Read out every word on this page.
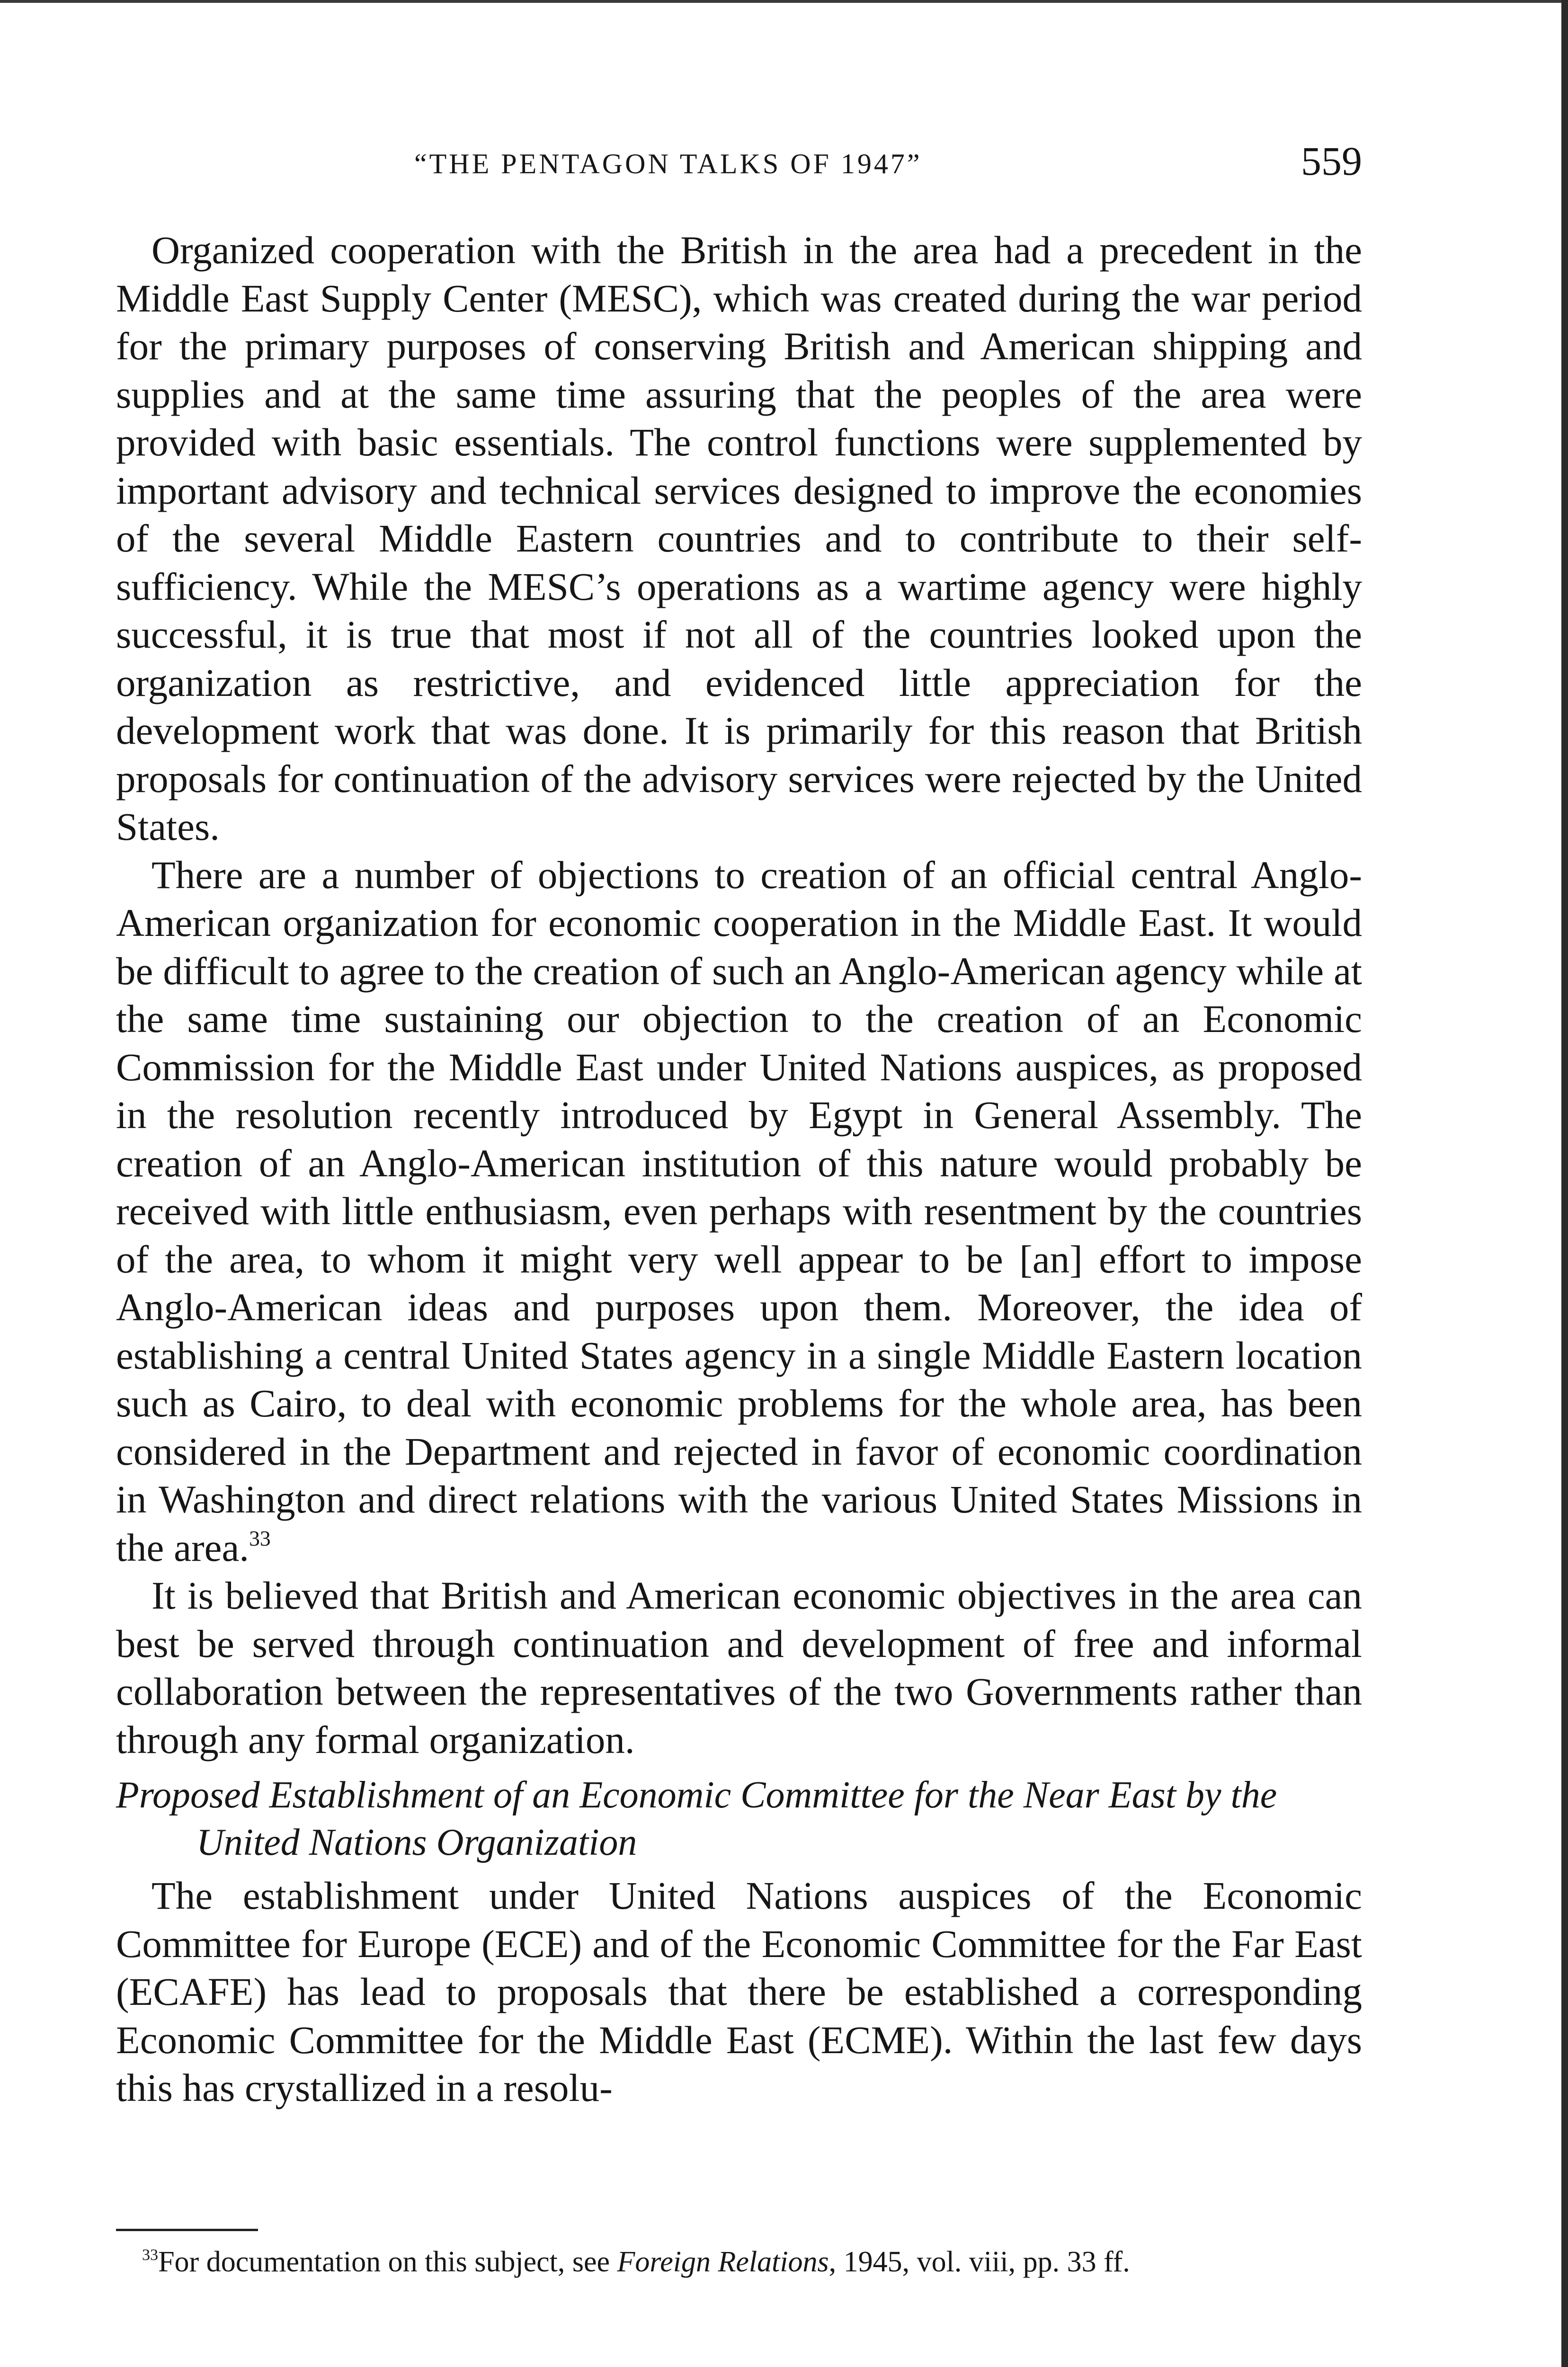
“THE PENTAGON TALKS OF 1947”	559

Organized cooperation with the British in the area had a precedent in the Middle East Supply Center (MESC), which was created during the war period for the primary purposes of conserving British and American shipping and supplies and at the same time assuring that the peoples of the area were provided with basic essentials. The control functions were supplemented by important advisory and technical services designed to improve the economies of the several Middle Eastern countries and to contribute to their self-sufficiency. While the MESC’s operations as a wartime agency were highly successful, it is true that most if not all of the countries looked upon the organization as restrictive, and evidenced little appreciation for the development work that was done. It is primarily for this reason that British proposals for continuation of the advisory services were rejected by the United States.

There are a number of objections to creation of an official central Anglo-American organization for economic cooperation in the Middle East. It would be difficult to agree to the creation of such an Anglo-American agency while at the same time sustaining our objection to the creation of an Economic Commission for the Middle East under United Nations auspices, as proposed in the resolution recently introduced by Egypt in General Assembly. The creation of an Anglo-American institution of this nature would probably be received with little enthusiasm, even perhaps with resentment by the countries of the area, to whom it might very well appear to be [an] effort to impose Anglo-American ideas and purposes upon them. Moreover, the idea of establishing a central United States agency in a single Middle Eastern location such as Cairo, to deal with economic problems for the whole area, has been considered in the Department and rejected in favor of economic coordination in Washington and direct relations with the various United States Missions in the area.$^{33}$

It is believed that British and American economic objectives in the area can best be served through continuation and development of free and informal collaboration between the representatives of the two Governments rather than through any formal organization.

Proposed Establishment of an Economic Committee for the Near East by the United Nations Organization

The establishment under United Nations auspices of the Economic Committee for Europe (ECE) and of the Economic Committee for the Far East (ECAFE) has lead to proposals that there be established a corresponding Economic Committee for the Middle East (ECME). Within the last few days this has crystallized in a resolu-

$^{33}$For documentation on this subject, see Foreign Relations, 1945, vol. viii, pp. 33 ff.
